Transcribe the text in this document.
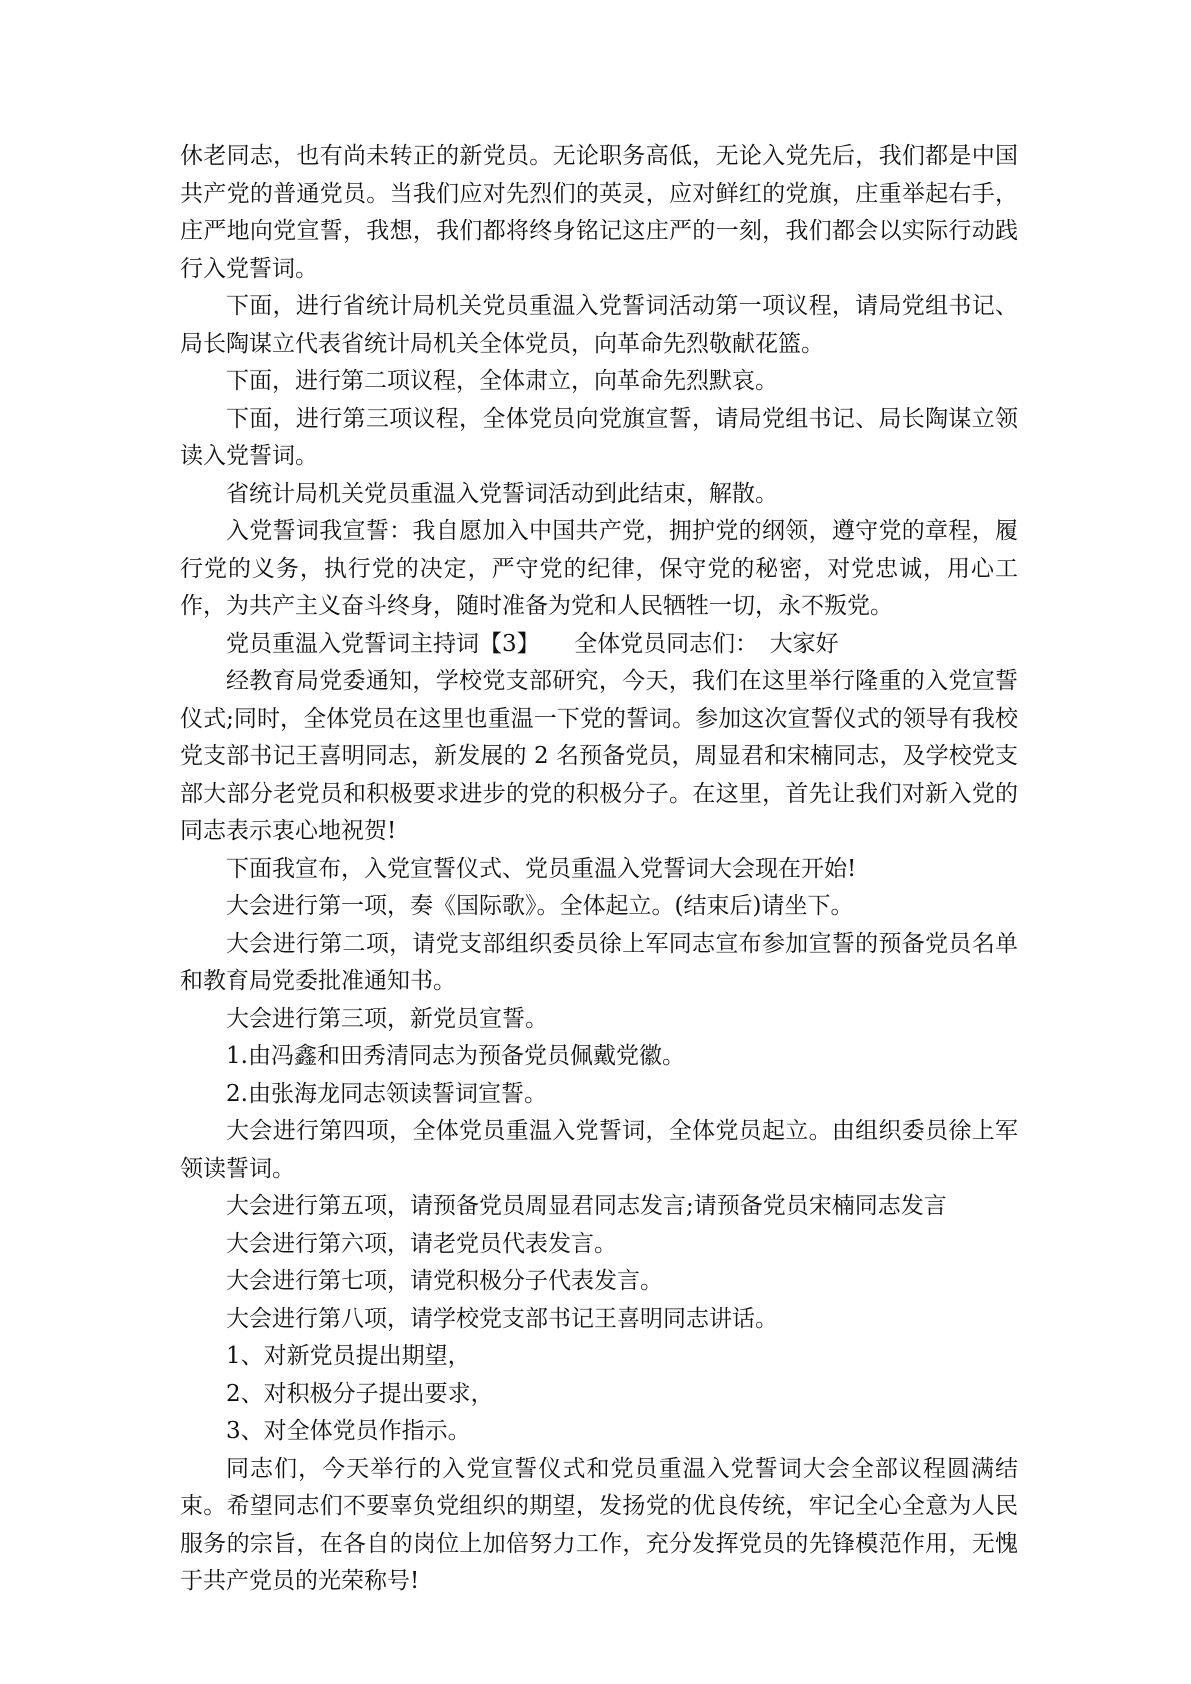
休老同志，也有尚未转正的新党员。无论职务高低，无论入党先后，我们都是中国共产党的普通党员。当我们应对先烈们的英灵，应对鲜红的党旗，庄重举起右手，庄严地向党宣誓，我想，我们都将终身铭记这庄严的一刻，我们都会以实际行动践行入党誓词。

下面，进行省统计局机关党员重温入党誓词活动第一项议程，请局党组书记、局长陶谋立代表省统计局机关全体党员，向革命先烈敬献花篮。

下面，进行第二项议程，全体肃立，向革命先烈默哀。

下面，进行第三项议程，全体党员向党旗宣誓，请局党组书记、局长陶谋立领读入党誓词。

省统计局机关党员重温入党誓词活动到此结束，解散。

入党誓词我宣誓：我自愿加入中国共产党，拥护党的纲领，遵守党的章程，履行党的义务，执行党的决定，严守党的纪律，保守党的秘密，对党忠诚，用心工作，为共产主义奋斗终身，随时准备为党和人民牺牲一切，永不叛党。

党员重温入党誓词主持词【3】　　全体党员同志们：　大家好

经教育局党委通知，学校党支部研究，今天，我们在这里举行隆重的入党宣誓仪式;同时，全体党员在这里也重温一下党的誓词。参加这次宣誓仪式的领导有我校党支部书记王喜明同志，新发展的 2 名预备党员，周显君和宋楠同志，及学校党支部大部分老党员和积极要求进步的党的积极分子。在这里，首先让我们对新入党的同志表示衷心地祝贺!

下面我宣布，入党宣誓仪式、党员重温入党誓词大会现在开始!

大会进行第一项，奏《国际歌》。全体起立。(结束后)请坐下。

大会进行第二项，请党支部组织委员徐上军同志宣布参加宣誓的预备党员名单和教育局党委批准通知书。

大会进行第三项，新党员宣誓。

1.由冯鑫和田秀清同志为预备党员佩戴党徽。

2.由张海龙同志领读誓词宣誓。

大会进行第四项，全体党员重温入党誓词，全体党员起立。由组织委员徐上军领读誓词。

大会进行第五项，请预备党员周显君同志发言;请预备党员宋楠同志发言

大会进行第六项，请老党员代表发言。

大会进行第七项，请党积极分子代表发言。

大会进行第八项，请学校党支部书记王喜明同志讲话。

1、对新党员提出期望，

2、对积极分子提出要求，

3、对全体党员作指示。

同志们，今天举行的入党宣誓仪式和党员重温入党誓词大会全部议程圆满结束。希望同志们不要辜负党组织的期望，发扬党的优良传统，牢记全心全意为人民服务的宗旨，在各自的岗位上加倍努力工作，充分发挥党员的先锋模范作用，无愧于共产党员的光荣称号!
